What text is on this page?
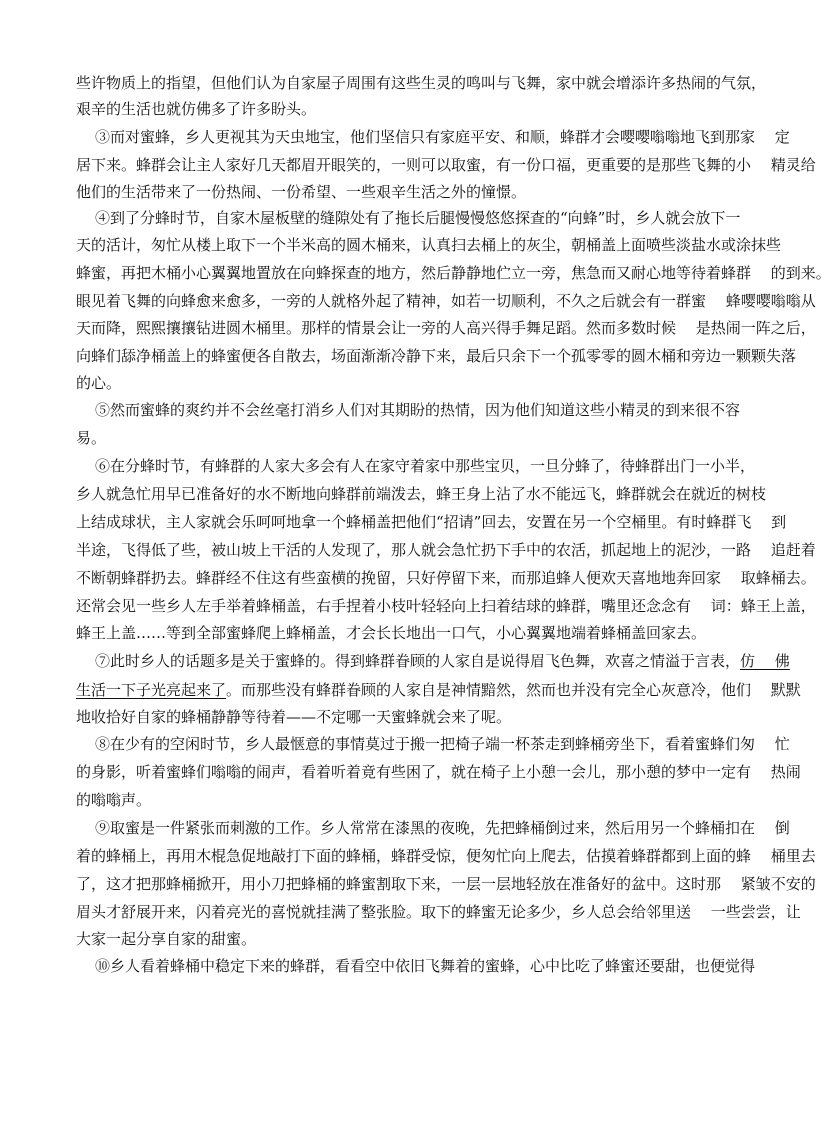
些许物质上的指望，但他们认为自家屋子周围有这些生灵的鸣叫与飞舞，家中就会增添许多热闹的气氛，
艰辛的生活也就仿佛多了许多盼头。
③而对蜜蜂，乡人更视其为天虫地宝，他们坚信只有家庭平安、和顺，蜂群才会嘤嘤嗡嗡地飞到那家　 定
居下来。蜂群会让主人家好几天都眉开眼笑的，一则可以取蜜，有一份口福，更重要的是那些飞舞的小　 精灵给
他们的生活带来了一份热闹、一份希望、一些艰辛生活之外的憧憬。
④到了分蜂时节，自家木屋板壁的缝隙处有了拖长后腿慢慢悠悠探查的“向蜂”时，乡人就会放下一
天的活计，匆忙从楼上取下一个半米高的圆木桶来，认真扫去桶上的灰尘，朝桶盖上面喷些淡盐水或涂抹些
蜂蜜，再把木桶小心翼翼地置放在向蜂探查的地方，然后静静地伫立一旁，焦急而又耐心地等待着蜂群　 的到来。
眼见着飞舞的向蜂愈来愈多，一旁的人就格外起了精神，如若一切顺利，不久之后就会有一群蜜　 蜂嘤嘤嗡嗡从
天而降，熙熙攘攘钻进圆木桶里。那样的情景会让一旁的人高兴得手舞足蹈。然而多数时候　 是热闹一阵之后，
向蜂们舔净桶盖上的蜂蜜便各自散去，场面渐渐冷静下来，最后只余下一个孤零零的圆木桶和旁边一颗颗失落
的心。
⑤然而蜜蜂的爽约并不会丝毫打消乡人们对其期盼的热情，因为他们知道这些小精灵的到来很不容
易。
⑥在分蜂时节，有蜂群的人家大多会有人在家守着家中那些宝贝，一旦分蜂了，待蜂群出门一小半，
乡人就急忙用早已准备好的水不断地向蜂群前端泼去，蜂王身上沾了水不能远飞，蜂群就会在就近的树枝
上结成球状，主人家就会乐呵呵地拿一个蜂桶盖把他们“招请”回去，安置在另一个空桶里。有时蜂群飞　 到
半途，飞得低了些，被山坡上干活的人发现了，那人就会急忙扔下手中的农活，抓起地上的泥沙，一路　 追赶着
不断朝蜂群扔去。蜂群经不住这有些蛮横的挽留，只好停留下来，而那追蜂人便欢天喜地地奔回家　 取蜂桶去。
还常会见一些乡人左手举着蜂桶盖，右手捏着小枝叶轻轻向上扫着结球的蜂群，嘴里还念念有　 词：蜂王上盖，
蜂王上盖……等到全部蜜蜂爬上蜂桶盖，才会长长地出一口气，小心翼翼地端着蜂桶盖回家去。
⑦此时乡人的话题多是关于蜜蜂的。得到蜂群眷顾的人家自是说得眉飞色舞，欢喜之情溢于言表，仿　 佛
生活一下子光亮起来了。而那些没有蜂群眷顾的人家自是神情黯然，然而也并没有完全心灰意冷，他们　 默默
地收拾好自家的蜂桶静静等待着——不定哪一天蜜蜂就会来了呢。
⑧在少有的空闲时节，乡人最惬意的事情莫过于搬一把椅子端一杯茶走到蜂桶旁坐下，看着蜜蜂们匆　 忙
的身影，听着蜜蜂们嗡嗡的闹声，看着听着竟有些困了，就在椅子上小憩一会儿，那小憩的梦中一定有　 热闹
的嗡嗡声。
⑨取蜜是一件紧张而刺激的工作。乡人常常在漆黑的夜晚，先把蜂桶倒过来，然后用另一个蜂桶扣在　 倒
着的蜂桶上，再用木棍急促地敲打下面的蜂桶，蜂群受惊，便匆忙向上爬去，估摸着蜂群都到上面的蜂　 桶里去
了，这才把那蜂桶掀开，用小刀把蜂桶的蜂蜜割取下来，一层一层地轻放在准备好的盆中。这时那　 紧皱不安的
眉头才舒展开来，闪着亮光的喜悦就挂满了整张脸。取下的蜂蜜无论多少，乡人总会给邻里送　 一些尝尝，让
大家一起分享自家的甜蜜。
⑩乡人看着蜂桶中稳定下来的蜂群，看看空中依旧飞舞着的蜜蜂，心中比吃了蜂蜜还要甜，也便觉得
